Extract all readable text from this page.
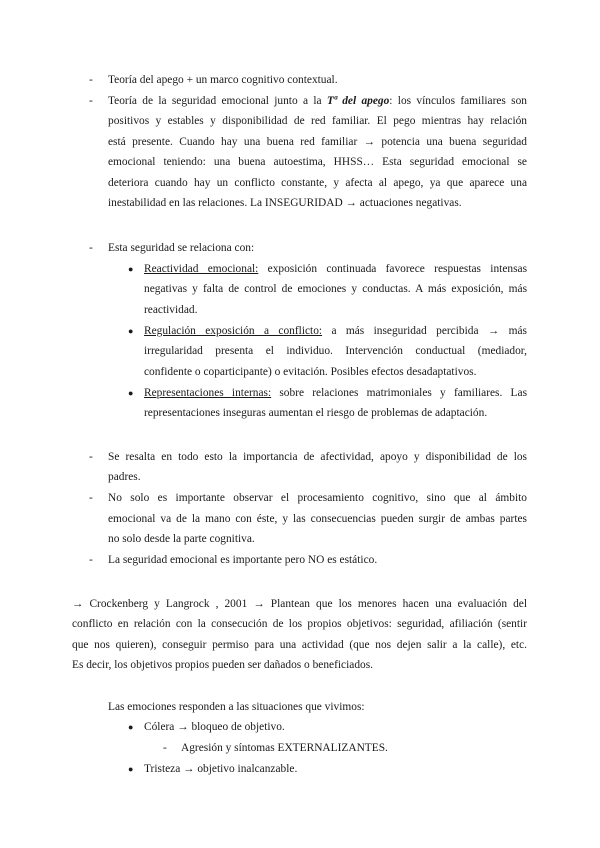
- Teoría del apego + un marco cognitivo contextual.
- Teoría de la seguridad emocional junto a la Tª del apego: los vínculos familiares son
positivos y estables y disponibilidad de red familiar. El pego mientras hay relación
está presente. Cuando hay una buena red familiar → potencia una buena seguridad
emocional teniendo: una buena autoestima, HHSS… Esta seguridad emocional se
deteriora cuando hay un conflicto constante, y afecta al apego, ya que aparece una
inestabilidad en las relaciones. La INSEGURIDAD → actuaciones negativas.
- Esta seguridad se relaciona con:
● Reactividad emocional: exposición continuada favorece respuestas intensas
negativas y falta de control de emociones y conductas. A más exposición, más
reactividad.
● Regulación exposición a conflicto: a más inseguridad percibida → más
irregularidad presenta el individuo. Intervención conductual (mediador,
confidente o coparticipante) o evitación. Posibles efectos desadaptativos.
● Representaciones internas: sobre relaciones matrimoniales y familiares. Las
representaciones inseguras aumentan el riesgo de problemas de adaptación.
- Se resalta en todo esto la importancia de afectividad, apoyo y disponibilidad de los
padres.
- No solo es importante observar el procesamiento cognitivo, sino que al ámbito
emocional va de la mano con éste, y las consecuencias pueden surgir de ambas partes
no solo desde la parte cognitiva.
- La seguridad emocional es importante pero NO es estático.
→ Crockenberg y Langrock , 2001 → Plantean que los menores hacen una evaluación del
conflicto en relación con la consecución de los propios objetivos: seguridad, afiliación (sentir
que nos quieren), conseguir permiso para una actividad (que nos dejen salir a la calle), etc.
Es decir, los objetivos propios pueden ser dañados o beneficiados.
Las emociones responden a las situaciones que vivimos:
● Cólera → bloqueo de objetivo.
- Agresión y síntomas EXTERNALIZANTES.
● Tristeza → objetivo inalcanzable.
